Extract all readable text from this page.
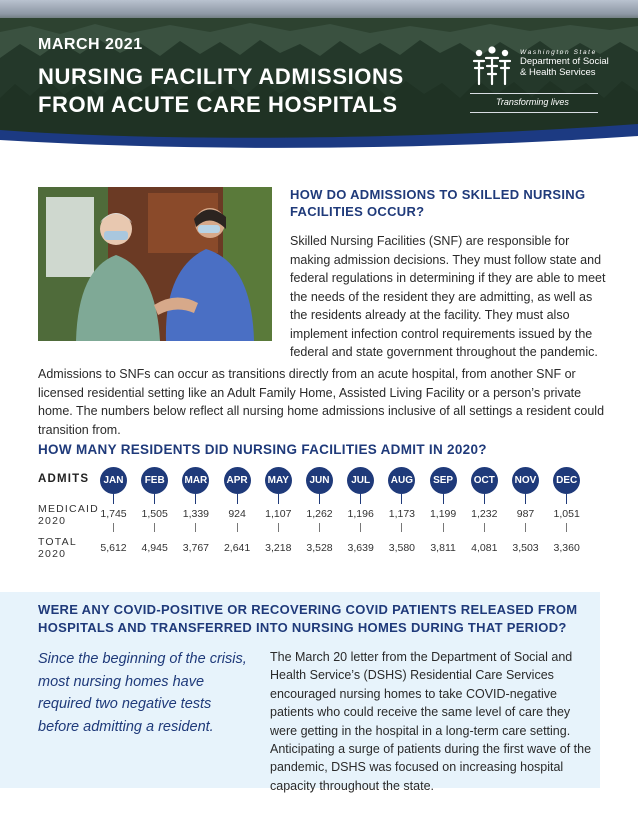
MARCH 2021
NURSING FACILITY ADMISSIONS
FROM ACUTE CARE HOSPITALS
Washington State
Department of Social
& Health Services
Transforming lives
HOW DO ADMISSIONS TO SKILLED NURSING FACILITIES OCCUR?
Skilled Nursing Facilities (SNF) are responsible for making admission decisions. They must follow state and federal regulations in determining if they are able to meet the needs of the resident they are admitting, as well as the residents already at the facility. They must also implement infection control requirements issued by the federal and state government throughout the pandemic.
Admissions to SNFs can occur as transitions directly from an acute hospital, from another SNF or licensed residential setting like an Adult Family Home, Assisted Living Facility or a person’s private home. The numbers below reflect all nursing home admissions inclusive of all settings a resident could transition from.
HOW MANY RESIDENTS DID NURSING FACILITIES ADMIT IN 2020?
ADMITS
MEDICAID
2020
TOTAL
2020
JAN
1,745
5,612
FEB
1,505
4,945
MAR
1,339
3,767
APR
924
2,641
MAY
1,107
3,218
JUN
1,262
3,528
JUL
1,196
3,639
AUG
1,173
3,580
SEP
1,199
3,811
OCT
1,232
4,081
NOV
987
3,503
DEC
1,051
3,360
WERE ANY COVID-POSITIVE OR RECOVERING COVID PATIENTS RELEASED FROM HOSPITALS AND TRANSFERRED INTO NURSING HOMES DURING THAT PERIOD?
Since the beginning of the crisis, most nursing homes have required two negative tests before admitting a resident.
The March 20 letter from the Department of Social and Health Service’s (DSHS) Residential Care Services encouraged nursing homes to take COVID-negative patients who could receive the same level of care they were getting in the hospital in a long-term care setting. Anticipating a surge of patients during the first wave of the pandemic, DSHS was focused on increasing hospital capacity throughout the state.
